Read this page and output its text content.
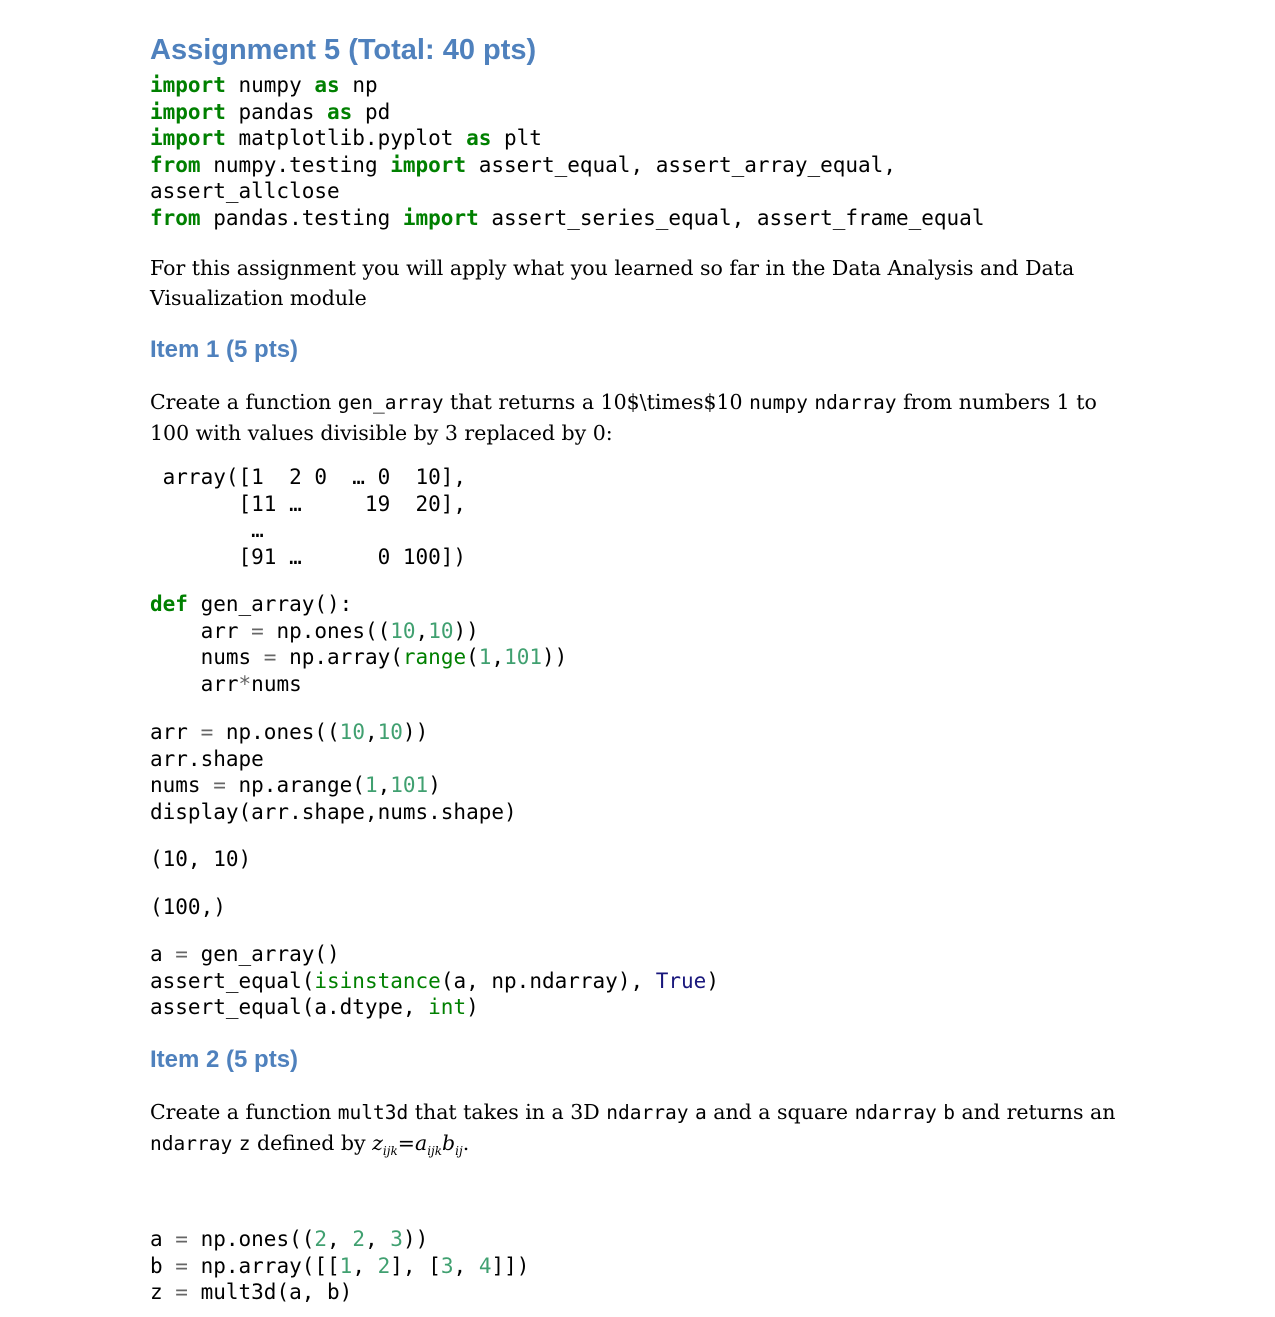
Assignment 5 (Total: 40 pts)
import numpy as np
import pandas as pd
import matplotlib.pyplot as plt
from numpy.testing import assert_equal, assert_array_equal,
assert_allclose
from pandas.testing import assert_series_equal, assert_frame_equal

For this assignment you will apply what you learned so far in the Data Analysis and Data Visualization module

Item 1 (5 pts)

Create a function gen_array that returns a 10$\times$10 numpy ndarray from numbers 1 to 100 with values divisible by 3 replaced by 0:

array([1  2 0  … 0  10],
[11 …     19  20],
…
[91 …      0 100])
def gen_array():
arr = np.ones((10,10))
nums = np.array(range(1,101))
arr*nums
arr = np.ones((10,10))
arr.shape
nums = np.arange(1,101)
display(arr.shape,nums.shape)
(10, 10)
(100,)
a = gen_array()
assert_equal(isinstance(a, np.ndarray), True)
assert_equal(a.dtype, int)
Item 2 (5 pts)

Create a function mult3d that takes in a 3D ndarray a and a square ndarray b and returns an ndarray z defined by $z_{ijk}=a_{ijk}b_{ij}$.

a = np.ones((2, 2, 3))
b = np.array([[1, 2], [3, 4]])
z = mult3d(a, b)
